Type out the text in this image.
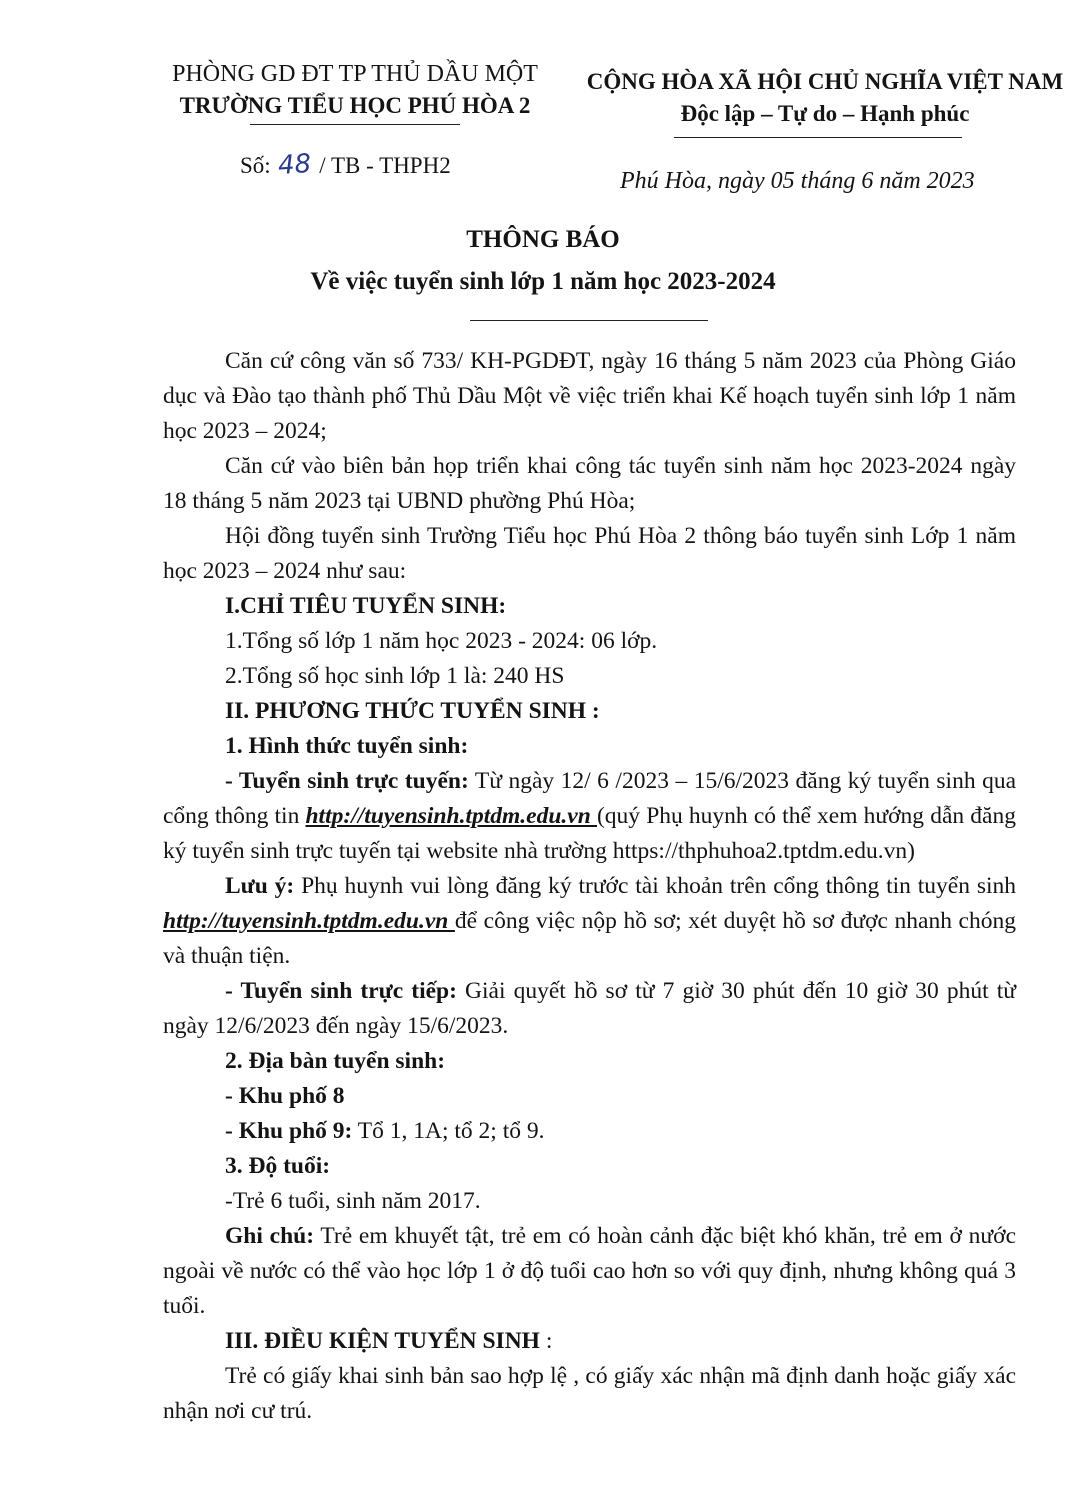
PHÒNG GD ĐT TP THỦ DẦU MỘT
TRƯỜNG TIỂU HỌC PHÚ HÒA 2
CỘNG HÒA XÃ HỘI CHỦ NGHĨA VIỆT NAM
Độc lập – Tự do – Hạnh phúc
Số: 48 / TB - THPH2
Phú Hòa, ngày 05 tháng 6 năm 2023
THÔNG BÁO
Về việc tuyển sinh lớp 1 năm học 2023-2024

Căn cứ công văn số 733/ KH-PGDĐT, ngày 16 tháng 5 năm 2023 của Phòng Giáo dục và Đào tạo thành phố Thủ Dầu Một về việc triển khai Kế hoạch tuyển sinh lớp 1 năm học 2023 – 2024;

Căn cứ vào biên bản họp triển khai công tác tuyển sinh năm học 2023-2024 ngày 18 tháng 5 năm 2023 tại UBND phường Phú Hòa;

Hội đồng tuyển sinh Trường Tiểu học Phú Hòa 2 thông báo tuyển sinh Lớp 1 năm học 2023 – 2024 như sau:

I.CHỈ TIÊU TUYỂN SINH:

1.Tổng số lớp 1 năm học 2023 - 2024: 06 lớp.

2.Tổng số học sinh lớp 1 là: 240 HS

II. PHƯƠNG THỨC TUYỂN SINH :

1. Hình thức tuyển sinh:

- Tuyển sinh trực tuyến: Từ ngày 12/ 6 /2023 – 15/6/2023 đăng ký tuyển sinh qua cổng thông tin http://tuyensinh.tptdm.edu.vn (quý Phụ huynh có thể xem hướng dẫn đăng ký tuyển sinh trực tuyến tại website nhà trường https://thphuhoa2.tptdm.edu.vn)

Lưu ý: Phụ huynh vui lòng đăng ký trước tài khoản trên cổng thông tin tuyển sinh http://tuyensinh.tptdm.edu.vn để công việc nộp hồ sơ; xét duyệt hồ sơ được nhanh chóng và thuận tiện.

- Tuyển sinh trực tiếp: Giải quyết hồ sơ từ 7 giờ 30 phút đến 10 giờ 30 phút từ ngày 12/6/2023 đến ngày 15/6/2023.

2. Địa bàn tuyển sinh:

- Khu phố 8

- Khu phố 9: Tổ 1, 1A; tổ 2; tổ 9.

3. Độ tuổi:

-Trẻ 6 tuổi, sinh năm 2017.

Ghi chú: Trẻ em khuyết tật, trẻ em có hoàn cảnh đặc biệt khó khăn, trẻ em ở nước ngoài về nước có thể vào học lớp 1 ở độ tuổi cao hơn so với quy định, nhưng không quá 3 tuổi.

III. ĐIỀU KIỆN TUYỂN SINH :

Trẻ có giấy khai sinh bản sao hợp lệ , có giấy xác nhận mã định danh hoặc giấy xác nhận nơi cư trú.
